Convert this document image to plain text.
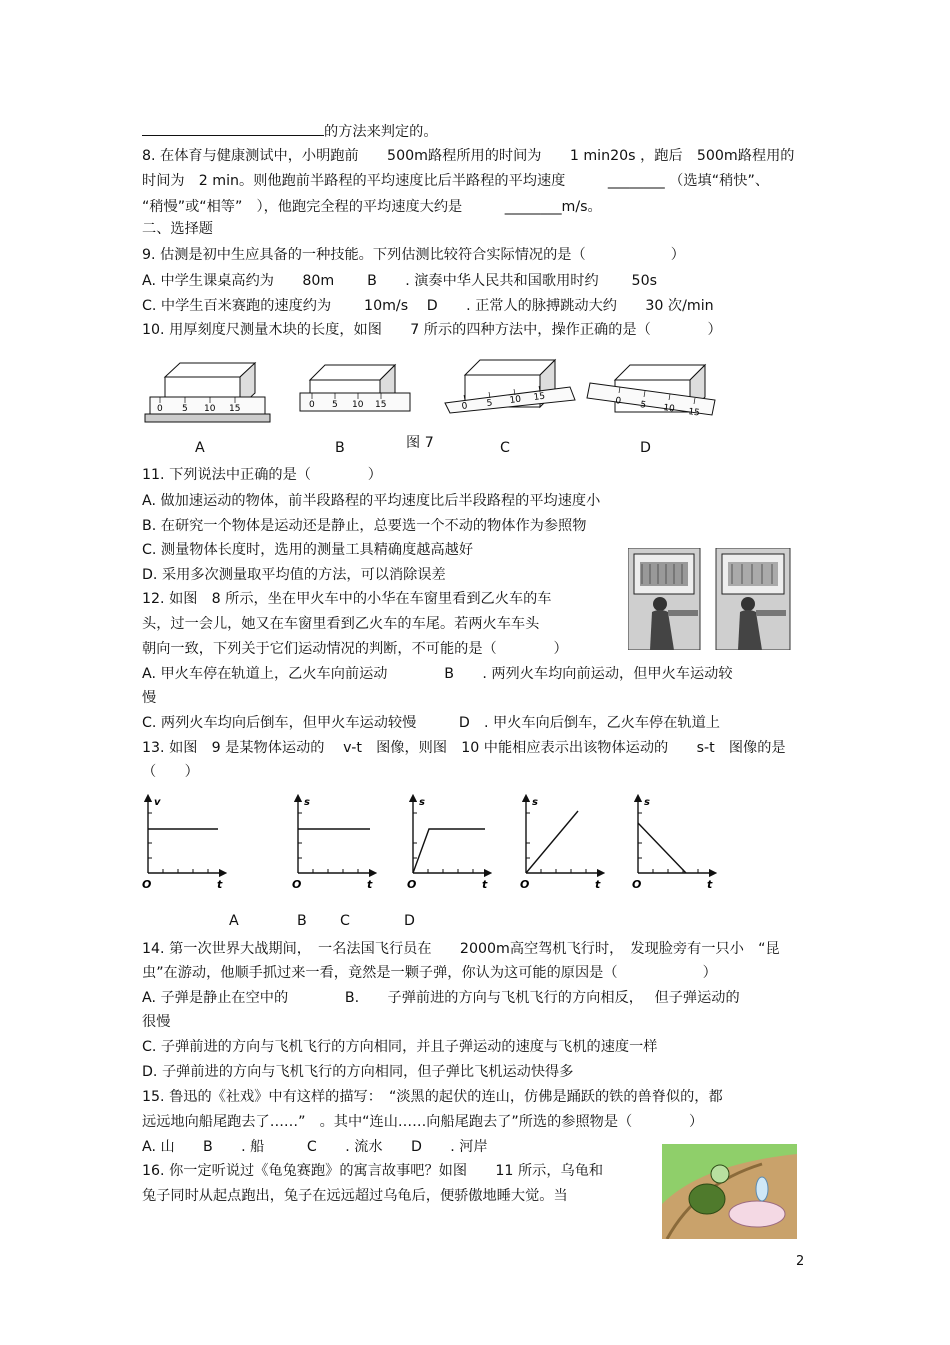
的方法来判定的。
8. 在体育与健康测试中，小明跑前　　500m路程所用的时间为　　1 min20s ，跑后　500m路程用的
时间为　2 min。则他跑前半路程的平均速度比后半路程的平均速度　　　________ （选填“稍快”、
“稍慢”或“相等”　），他跑完全程的平均速度大约是　　　________m/s。
二、选择题
9. 估测是初中生应具备的一种技能。下列估测比较符合实际情况的是（　　　　　　）
A. 中学生课桌高约为　　80m　　 B　　. 演奏中华人民共和国歌用时约　　 50s
C. 中学生百米赛跑的速度约为　　 10m/s　 D　　. 正常人的脉搏跳动大约　　30 次/min
10. 用厚刻度尺测量木块的长度，如图　　7 所示的四种方法中，操作正确的是（　　　　）
11. 下列说法中正确的是（　　　　）
A. 做加速运动的物体，前半段路程的平均速度比后半段路程的平均速度小
B. 在研究一个物体是运动还是静止，总要选一个不动的物体作为参照物
C. 测量物体长度时，选用的测量工具精确度越高越好
D. 采用多次测量取平均值的方法，可以消除误差
12. 如图　8 所示，坐在甲火车中的小华在车窗里看到乙火车的车
头，过一会儿，她又在车窗里看到乙火车的车尾。若两火车车头
朝向一致，下列关于它们运动情况的判断，不可能的是（　　　　）
A. 甲火车停在轨道上，乙火车向前运动　　　　B　　. 两列火车均向前运动，但甲火车运动较
慢
C. 两列火车均向后倒车，但甲火车运动较慢　　　D　. 甲火车向后倒车，乙火车停在轨道上
13. 如图　9 是某物体运动的　 v-t　图像，则图　10 中能相应表示出该物体运动的　　s-t　图像的是
（　　）
14. 第一次世界大战期间，　一名法国飞行员在　　2000m高空驾机飞行时，　发现脸旁有一只小　“昆
虫”在游动，他顺手抓过来一看，竟然是一颗子弹，你认为这可能的原因是（　　　　　　）
A. 子弹是静止在空中的　　　　B.　　子弹前进的方向与飞机飞行的方向相反，　 但子弹运动的
很慢
C. 子弹前进的方向与飞机飞行的方向相同，并且子弹运动的速度与飞机的速度一样
D. 子弹前进的方向与飞机飞行的方向相同，但子弹比飞机运动快得多
15. 鲁迅的《社戏》中有这样的描写：　“淡黑的起伏的连山，仿佛是踊跃的铁的兽脊似的，都
远远地向船尾跑去了……”　。其中“连山……向船尾跑去了”所选的参照物是（　　　　）
A. 山　　B　　. 船　　　C　　. 流水　　D　　. 河岸
16. 你一定听说过《龟兔赛跑》的寓言故事吧？如图　　11 所示，乌龟和
兔子同时从起点跑出，兔子在远远超过乌龟后，便骄傲地睡大觉。当
0 5 10 15	0 5 10 15	0 5 10 15	0 5 10 15
A	B	图 7	C	D
v
t
O
s
t
O
s
t
O
s
t
O
s
t
O
A	B C	D
2
